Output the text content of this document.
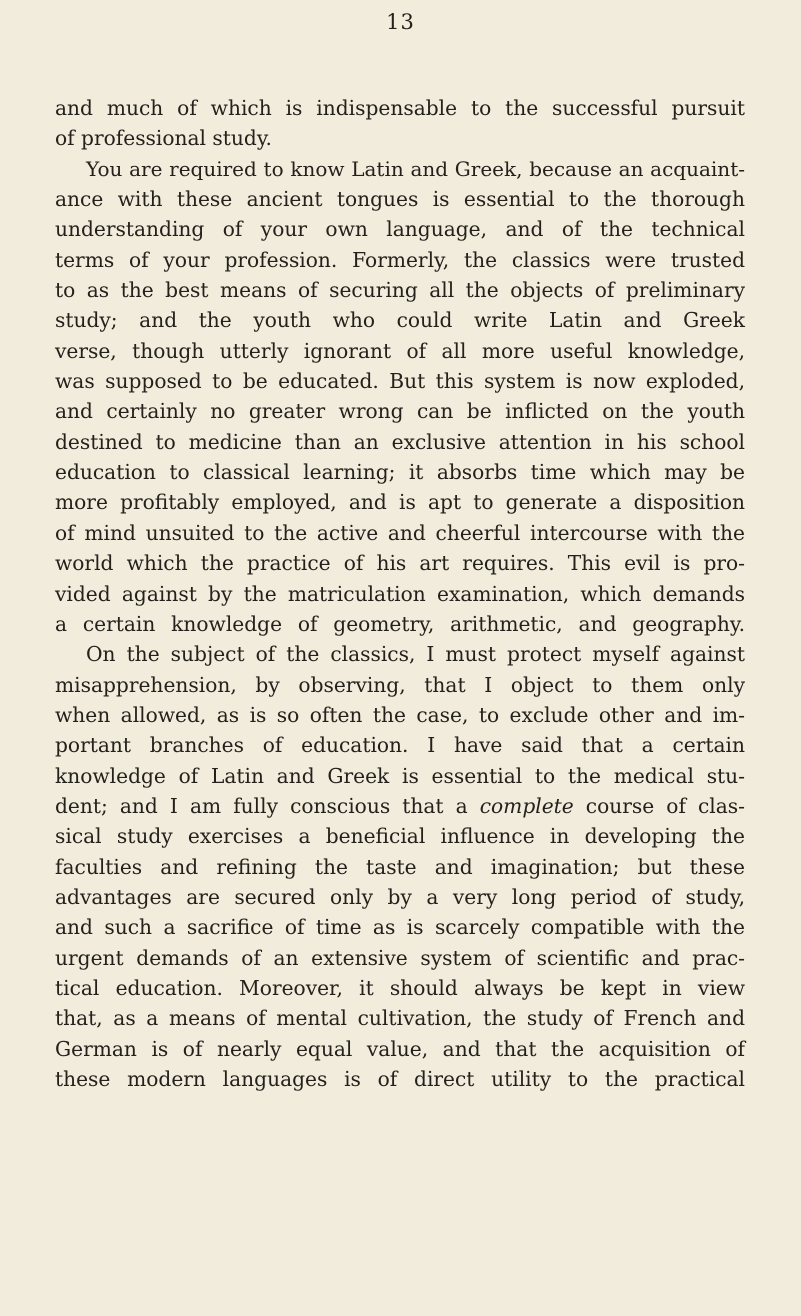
13
and much of which is indispensable to the successful pursuit
of professional study.
You are required to know Latin and Greek, because an acquaint-
ance with these ancient tongues is essential to the thorough
understanding of your own language, and of the technical
terms of your profession. Formerly, the classics were trusted
to as the best means of securing all the objects of preliminary
study; and the youth who could write Latin and Greek
verse, though utterly ignorant of all more useful knowledge,
was supposed to be educated. But this system is now exploded,
and certainly no greater wrong can be inflicted on the youth
destined to medicine than an exclusive attention in his school
education to classical learning; it absorbs time which may be
more profitably employed, and is apt to generate a disposition
of mind unsuited to the active and cheerful intercourse with the
world which the practice of his art requires. This evil is pro-
vided against by the matriculation examination, which demands
a certain knowledge of geometry, arithmetic, and geography.
On the subject of the classics, I must protect myself against
misapprehension, by observing, that I object to them only
when allowed, as is so often the case, to exclude other and im-
portant branches of education. I have said that a certain
knowledge of Latin and Greek is essential to the medical stu-
dent; and I am fully conscious that a complete course of clas-
sical study exercises a beneficial influence in developing the
faculties and refining the taste and imagination; but these
advantages are secured only by a very long period of study,
and such a sacrifice of time as is scarcely compatible with the
urgent demands of an extensive system of scientific and prac-
tical education. Moreover, it should always be kept in view
that, as a means of mental cultivation, the study of French and
German is of nearly equal value, and that the acquisition of
these modern languages is of direct utility to the practical
